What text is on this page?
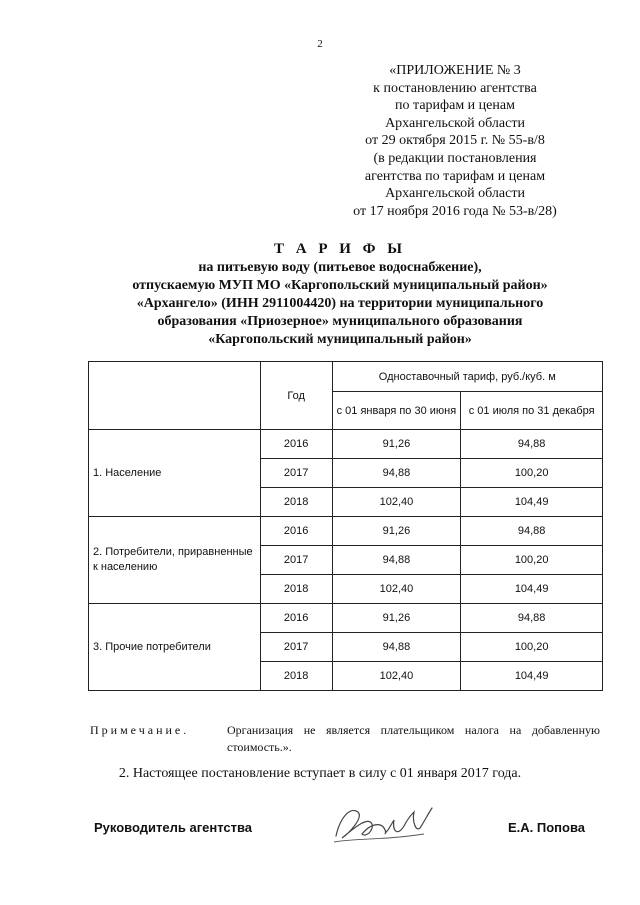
2
«ПРИЛОЖЕНИЕ № 3
к постановлению агентства
по тарифам и ценам
Архангельской области
от 29 октября 2015 г. № 55-в/8
(в редакции постановления
агентства по тарифам и ценам
Архангельской области
от 17 ноября 2016 года № 53-в/28)
Т А Р И Ф Ы
на питьевую воду (питьевое водоснабжение),
отпускаемую МУП МО «Каргопольский муниципальный район»
«Архангело» (ИНН 2911004420) на территории муниципального
образования «Приозерное» муниципального образования
«Каргопольский муниципальный район»
	Год	Одноставочный тариф, руб./куб. м	
		с 01 января по 30 июня	с 01 июля по 31 декабря
1. Население	2016	91,26	94,88
	2017	94,88	100,20
	2018	102,40	104,49
2. Потребители, приравненные к населению	2016	91,26	94,88
	2017	94,88	100,20
	2018	102,40	104,49
3. Прочие потребители	2016	91,26	94,88
	2017	94,88	100,20
	2018	102,40	104,49
Примечание.	Организация не является плательщиком налога на добавленную стоимость.».
2. Настоящее постановление вступает в силу с 01 января 2017 года.
Руководитель агентства	Е.А. Попова
